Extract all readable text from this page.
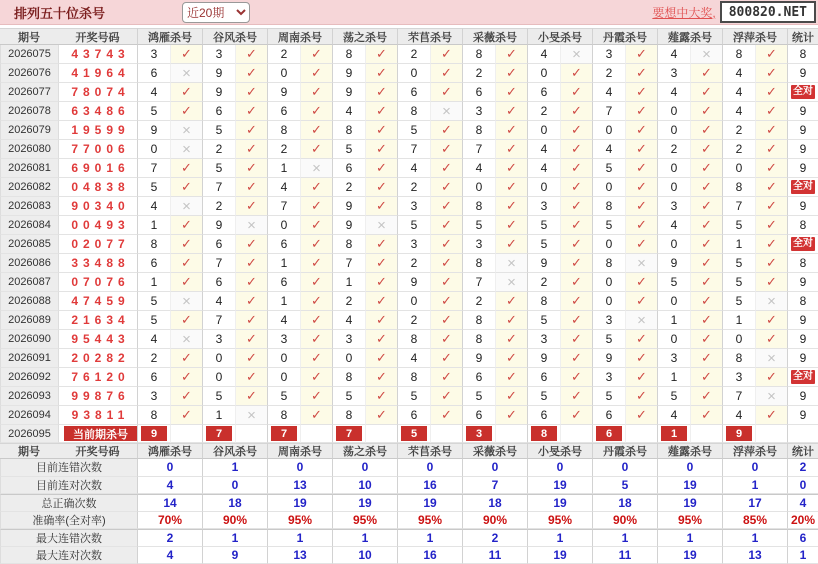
排列五十位杀号
近20期	要想中大奖,	800820.NET
期号	开奖号码	鸿雁杀号	谷风杀号	周南杀号	荡之杀号	芣苢杀号	采薇杀号	小旻杀号	丹霞杀号	薤露杀号	浮萍杀号	统计
2026075	43743	3	✓	3	✓	2	✓	8	✓	2	✓	8	✓	4	×	3	✓	4	×	8	✓	8
2026076	41964	6	×	9	✓	0	✓	9	✓	0	✓	2	✓	0	✓	2	✓	3	✓	4	✓	9
2026077	78074	4	✓	9	✓	9	✓	9	✓	6	✓	6	✓	6	✓	4	✓	4	✓	4	✓	全对
2026078	63486	5	✓	6	✓	6	✓	4	✓	8	×	3	✓	2	✓	7	✓	0	✓	4	✓	9
2026079	19599	9	×	5	✓	8	✓	8	✓	5	✓	8	✓	0	✓	0	✓	0	✓	2	✓	9
2026080	77006	0	×	2	✓	2	✓	5	✓	7	✓	7	✓	4	✓	4	✓	2	✓	2	✓	9
2026081	69016	7	✓	5	✓	1	×	6	✓	4	✓	4	✓	4	✓	5	✓	0	✓	0	✓	9
2026082	04838	5	✓	7	✓	4	✓	2	✓	2	✓	0	✓	0	✓	0	✓	0	✓	8	✓	全对
2026083	90340	4	×	2	✓	7	✓	9	✓	3	✓	8	✓	3	✓	8	✓	3	✓	7	✓	9
2026084	00493	1	✓	9	×	0	✓	9	×	5	✓	5	✓	5	✓	5	✓	4	✓	5	✓	8
2026085	02077	8	✓	6	✓	6	✓	8	✓	3	✓	3	✓	5	✓	0	✓	0	✓	1	✓	全对
2026086	33488	6	✓	7	✓	1	✓	7	✓	2	✓	8	×	9	✓	8	×	9	✓	5	✓	8
2026087	07076	1	✓	6	✓	6	✓	1	✓	9	✓	7	×	2	✓	0	✓	5	✓	5	✓	9
2026088	47459	5	×	4	✓	1	✓	2	✓	0	✓	2	✓	8	✓	0	✓	0	✓	5	×	8
2026089	21634	5	✓	7	✓	4	✓	4	✓	2	✓	8	✓	5	✓	3	×	1	✓	1	✓	9
2026090	95443	4	×	3	✓	3	✓	3	✓	8	✓	8	✓	3	✓	5	✓	0	✓	0	✓	9
2026091	20282	2	✓	0	✓	0	✓	0	✓	4	✓	9	✓	9	✓	9	✓	3	✓	8	×	9
2026092	76120	6	✓	0	✓	0	✓	8	✓	8	✓	6	✓	6	✓	3	✓	1	✓	3	✓	全对
2026093	99876	3	✓	5	✓	5	✓	5	✓	5	✓	5	✓	5	✓	5	✓	5	✓	7	×	9
2026094	93811	8	✓	1	×	8	✓	8	✓	6	✓	6	✓	6	✓	6	✓	4	✓	4	✓	9
2026095	当前期杀号	9	7	7	7	5	3	8	6	1	9
期号	开奖号码	鸿雁杀号	谷风杀号	周南杀号	荡之杀号	芣苢杀号	采薇杀号	小旻杀号	丹霞杀号	薤露杀号	浮萍杀号	统计
目前连错次数	0	1	0	0	0	0	0	0	0	0	2
目前连对次数	4	0	13	10	16	7	19	5	19	1	0
总正确次数	14	18	19	19	19	18	19	18	19	17	4
准确率(全对率)	70%	90%	95%	95%	95%	90%	95%	90%	95%	85%	20%
最大连错次数	2	1	1	1	1	2	1	1	1	1	6
最大连对次数	4	9	13	10	16	11	19	11	19	13	1
